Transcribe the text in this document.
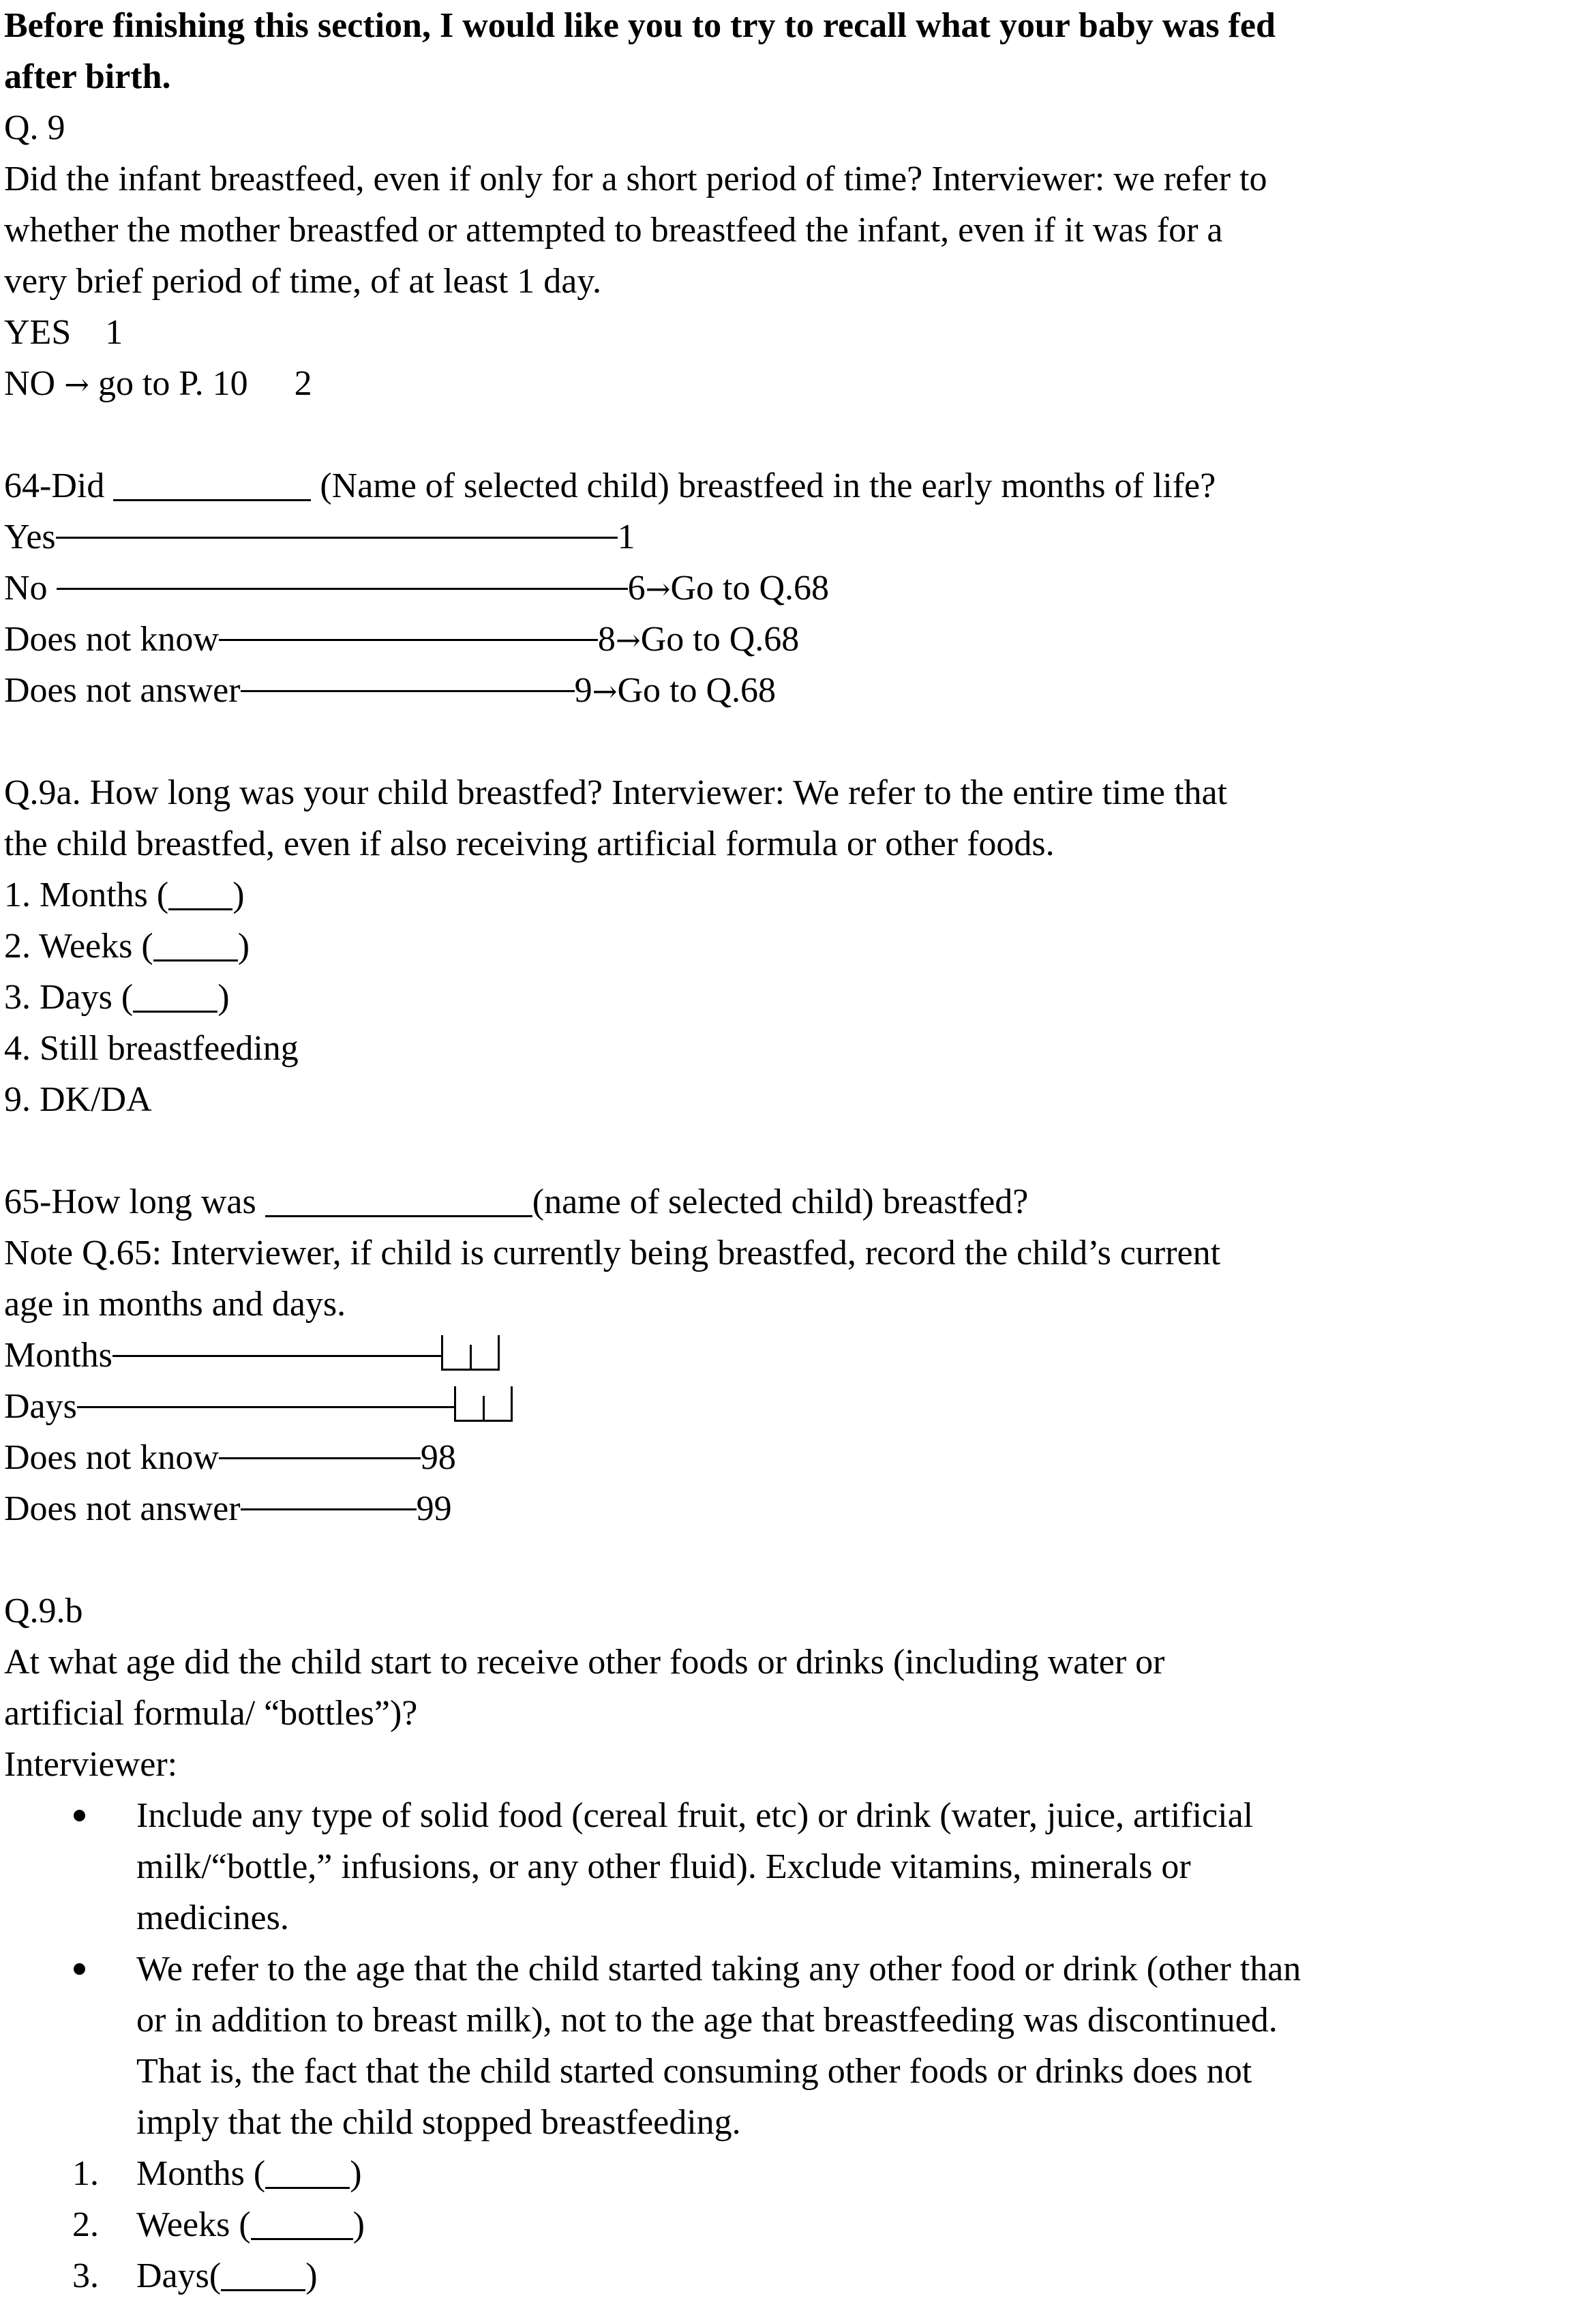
Before finishing this section, I would like you to try to recall what your baby was fed
after birth.
Q. 9
Did the infant breastfeed, even if only for a short period of time? Interviewer: we refer to
whether the mother breastfed or attempted to breastfeed the infant, even if it was for a
very brief period of time, of at least 1 day.
YES 1
NO → go to P. 10 2
64-Did	(Name of selected child) breastfeed in the early months of life?
Yes	1
No	6→Go to Q.68
Does not know	8→Go to Q.68
Does not answer	9→Go to Q.68
Q.9a. How long was your child breastfed? Interviewer: We refer to the entire time that
the child breastfed, even if also receiving artificial formula or other foods.
1. Months ( )
2. Weeks ( )
3. Days ( )
4. Still breastfeeding
9. DK/DA
65-How long was	(name of selected child) breastfed?
Note Q.65: Interviewer, if child is currently being breastfed, record the child’s current
age in months and days.
Months
Days
Does not know	98
Does not answer	99
Q.9.b
At what age did the child start to receive other foods or drinks (including water or
artificial formula/ “bottles”)?
Interviewer:
Include any type of solid food (cereal fruit, etc) or drink (water, juice, artificial
milk/“bottle,” infusions, or any other fluid). Exclude vitamins, minerals or
medicines.
We refer to the age that the child started taking any other food or drink (other than
or in addition to breast milk), not to the age that breastfeeding was discontinued.
That is, the fact that the child started consuming other foods or drinks does not
imply that the child stopped breastfeeding.
1. Months ( )
2. Weeks (	)
3. Days( )
